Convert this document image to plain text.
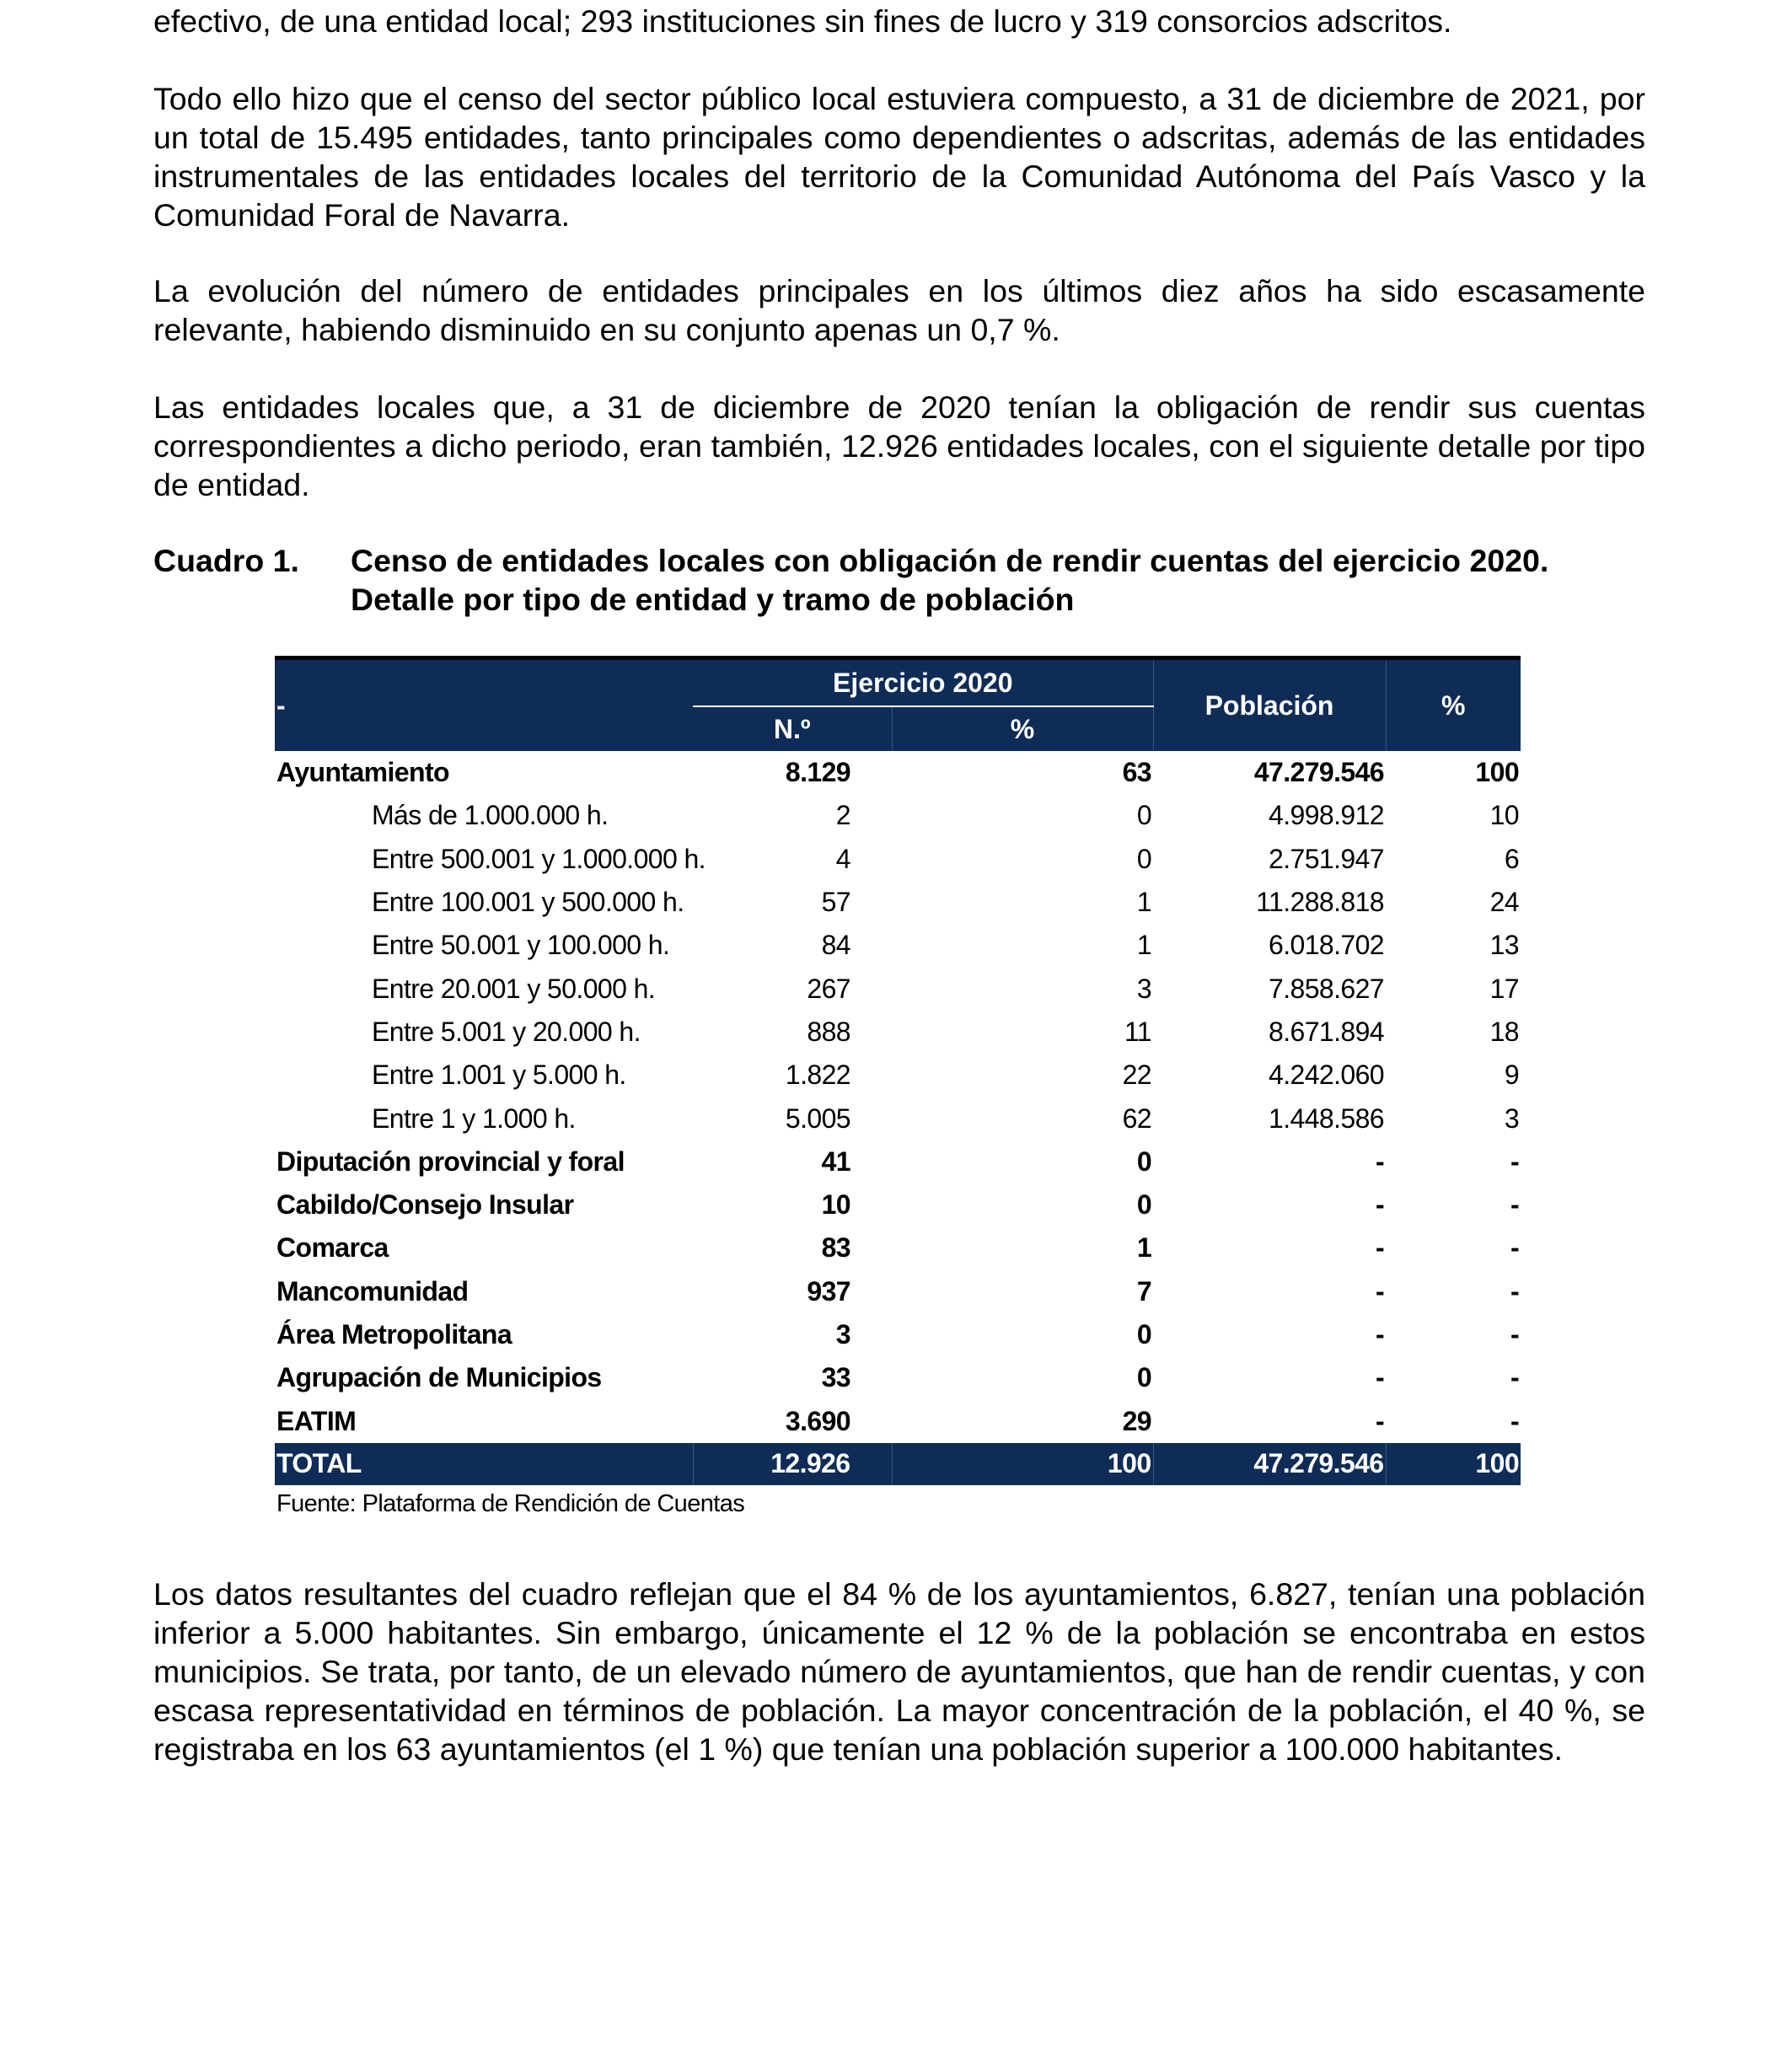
efectivo, de una entidad local; 293 instituciones sin fines de lucro y 319 consorcios adscritos.

Todo ello hizo que el censo del sector público local estuviera compuesto, a 31 de diciembre de 2021, por un total de 15.495 entidades, tanto principales como dependientes o adscritas, además de las entidades instrumentales de las entidades locales del territorio de la Comunidad Autónoma del País Vasco y la Comunidad Foral de Navarra.

La evolución del número de entidades principales en los últimos diez años ha sido escasamente relevante, habiendo disminuido en su conjunto apenas un 0,7 %.

Las entidades locales que, a 31 de diciembre de 2020 tenían la obligación de rendir sus cuentas correspondientes a dicho periodo, eran también, 12.926 entidades locales, con el siguiente detalle por tipo de entidad.

Cuadro 1. Censo de entidades locales con obligación de rendir cuentas del ejercicio 2020. Detalle por tipo de entidad y tramo de población

Los datos resultantes del cuadro reflejan que el 84 % de los ayuntamientos, 6.827, tenían una población inferior a 5.000 habitantes. Sin embargo, únicamente el 12 % de la población se encontraba en estos municipios. Se trata, por tanto, de un elevado número de ayuntamientos, que han de rendir cuentas, y con escasa representatividad en términos de población. La mayor concentración de la población, el 40 %, se registraba en los 63 ayuntamientos (el 1 %) que tenían una población superior a 100.000 habitantes.

-	Ejercicio 2020		Población	%
	N.º	%		
Ayuntamiento	8.129	63	47.279.546	100
Más de 1.000.000 h.	2	0	4.998.912	10
Entre 500.001 y 1.000.000 h.	4	0	2.751.947	6
Entre 100.001 y 500.000 h.	57	1	11.288.818	24
Entre 50.001 y 100.000 h.	84	1	6.018.702	13
Entre 20.001 y 50.000 h.	267	3	7.858.627	17
Entre 5.001 y 20.000 h.	888	11	8.671.894	18
Entre 1.001 y 5.000 h.	1.822	22	4.242.060	9
Entre 1 y 1.000 h.	5.005	62	1.448.586	3
Diputación provincial y foral	41	0	-	-
Cabildo/Consejo Insular	10	0	-	-
Comarca	83	1	-	-
Mancomunidad	937	7	-	-
Área Metropolitana	3	0	-	-
Agrupación de Municipios	33	0	-	-
EATIM	3.690	29	-	-
TOTAL	12.926	100	47.279.546	100
Fuente: Plataforma de Rendición de Cuentas
